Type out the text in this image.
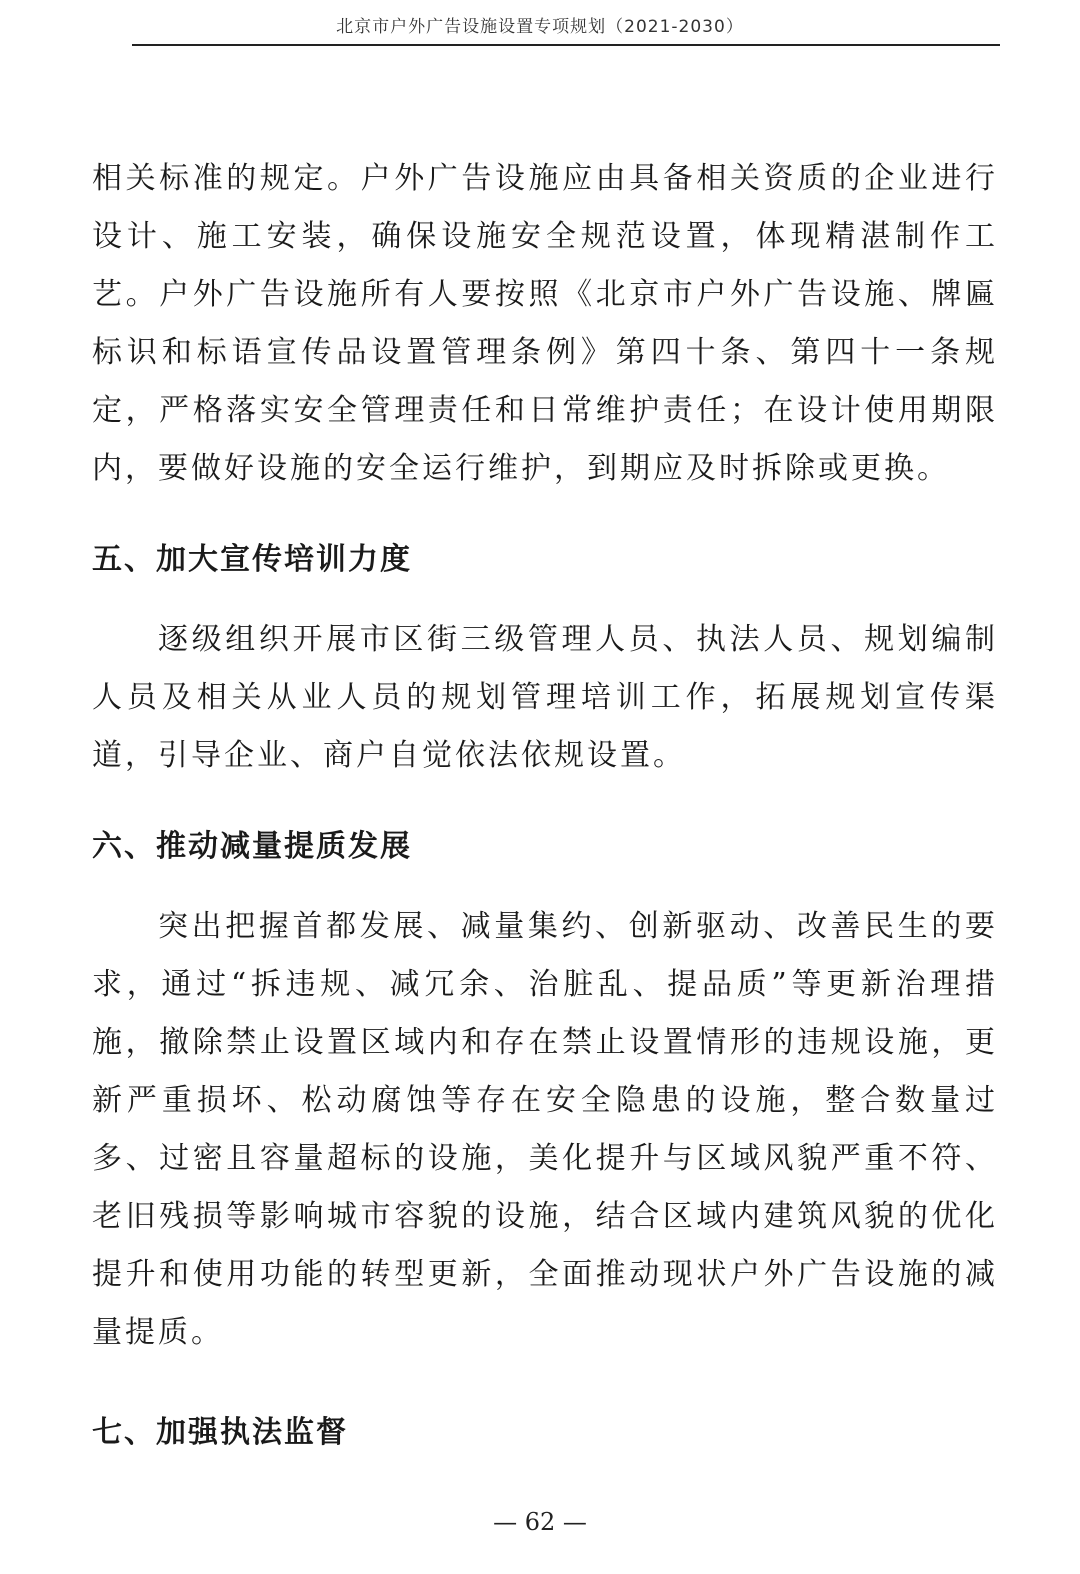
北京市户外广告设施设置专项规划（2021-2030）

相关标准的规定。户外广告设施应由具备相关资质的企业进行设计、施工安装，确保设施安全规范设置，体现精湛制作工艺。户外广告设施所有人要按照《北京市户外广告设施、牌匾标识和标语宣传品设置管理条例》第四十条、第四十一条规定，严格落实安全管理责任和日常维护责任；在设计使用期限内，要做好设施的安全运行维护，到期应及时拆除或更换。

五、加大宣传培训力度

逐级组织开展市区街三级管理人员、执法人员、规划编制人员及相关从业人员的规划管理培训工作，拓展规划宣传渠道，引导企业、商户自觉依法依规设置。

六、推动减量提质发展

突出把握首都发展、减量集约、创新驱动、改善民生的要求，通过“拆违规、减冗余、治脏乱、提品质”等更新治理措施，撤除禁止设置区域内和存在禁止设置情形的违规设施，更新严重损坏、松动腐蚀等存在安全隐患的设施，整合数量过多、过密且容量超标的设施，美化提升与区域风貌严重不符、老旧残损等影响城市容貌的设施，结合区域内建筑风貌的优化提升和使用功能的转型更新，全面推动现状户外广告设施的减量提质。

七、加强执法监督
— 62 —
